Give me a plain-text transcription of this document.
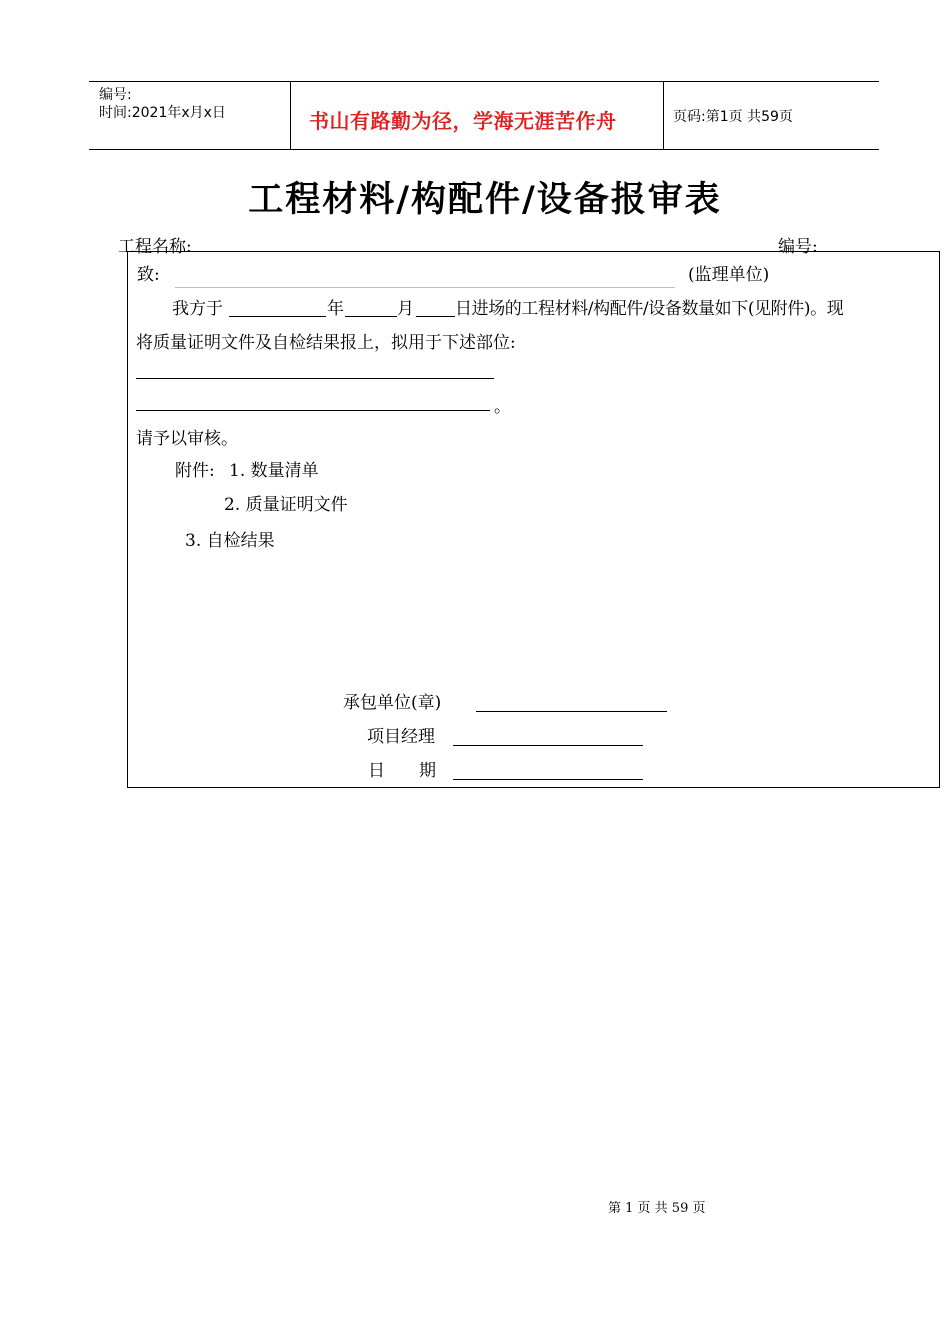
编号:
时间:2021年x月x日	书山有路勤为径，学海无涯苦作舟	页码:第1页 共59页
工程材料/构配件/设备报审表
工程名称:	编号:
致:	(监理单位)
我方于	年	月 日进场的工程材料/构配件/设备数量如下(见附件)。现
将质量证明文件及自检结果报上，拟用于下述部位:
。
请予以审核。
附件: 1. 数量清单
2. 质量证明文件
3. 自检结果
承包单位(章)
项目经理
日　　期
第 1 页 共 59 页
